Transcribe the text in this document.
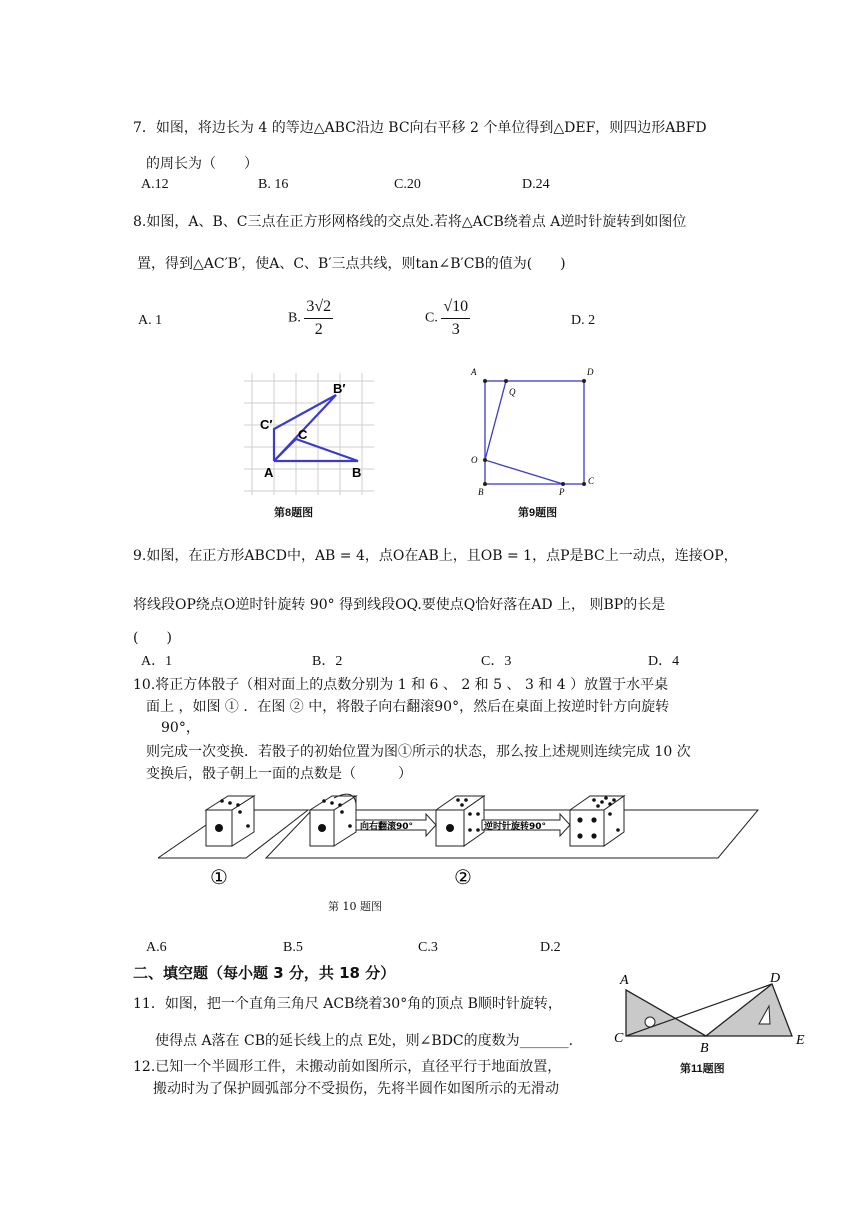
7．如图，将边长为 4 的等边△ABC沿边 BC向右平移 2 个单位得到△DEF，则四边形ABFD
的周长为（　　）
A.12	B. 16	C.20	D.24
8.如图，A、B、C三点在正方形网格线的交点处.若将△ACB绕着点 A逆时针旋转到如图位
置，得到△AC′B′，使A、C、B′三点共线，则tan∠B′CB的值为(　　)
A. 1	B. $\frac{3√2}{2}$	C. $\frac{√10}{3}$	D. 2
A	B
C
C′
B′
第8题图
A	D
B
C
O
P
Q
第9题图
9.如图，在正方形ABCD中，AB = 4，点O在AB上，且OB = 1，点P是BC上一动点，连接OP，
将线段OP绕点O逆时针旋转 90° 得到线段OQ.要使点Q恰好落在AD 上， 则BP的长是
(　　)
A．1	B．2	C．3	D．4
10.将正方体骰子（相对面上的点数分别为 1 和 6 、 2 和 5 、 3 和 4 ）放置于水平桌
面上 ，如图 ① ．在图 ② 中，将骰子向右翻滚90°，然后在桌面上按逆时针方向旋转
90°，
则完成一次变换．若骰子的初始位置为图①所示的状态，那么按上述规则连续完成 10 次
变换后，骰子朝上一面的点数是（　　　）
向右翻滚90°	逆时针旋转90°
①	②
第 10 题图
A.6	B.5	C.3	D.2
二、填空题（每小题 3 分，共 18 分）
11．如图，把一个直角三角尺 ACB绕着30°角的顶点 B顺时针旋转，
使得点 A落在 CB的延长线上的点 E处，则∠BDC的度数为_______.
A
C
B
D
E
第11题图
12.已知一个半圆形工件，未搬动前如图所示，直径平行于地面放置，
搬动时为了保护圆弧部分不受损伤，先将半圆作如图所示的无滑动
